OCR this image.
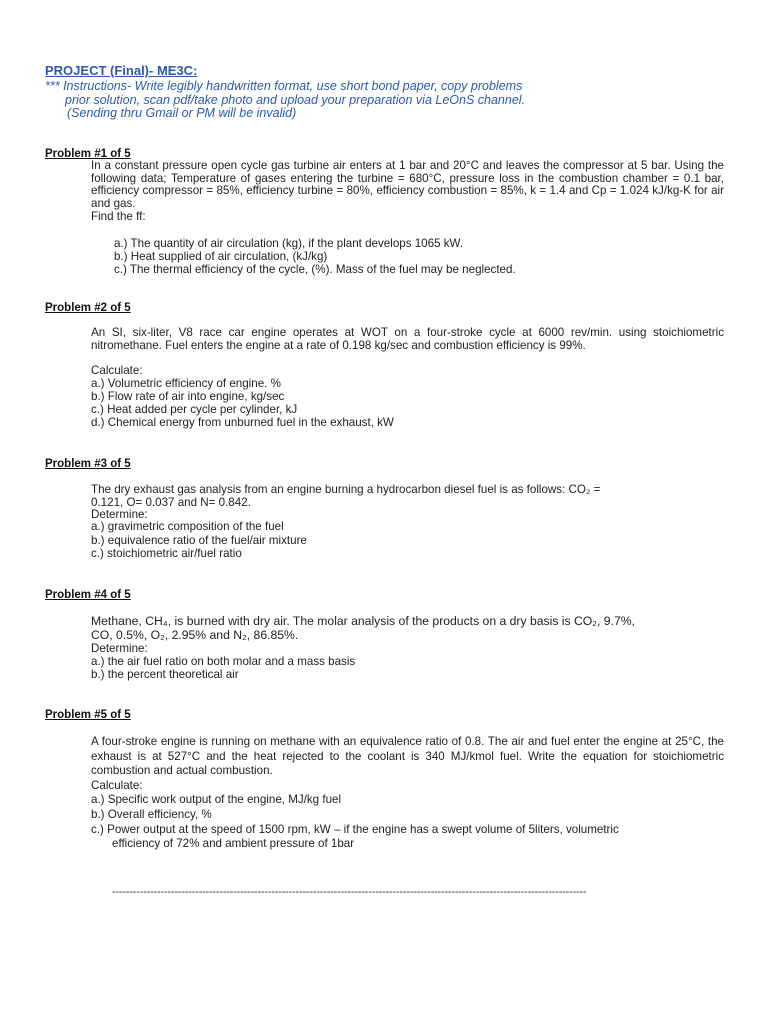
PROJECT (Final)- ME3C:
*** Instructions- Write legibly handwritten format, use short bond paper, copy problems
prior solution, scan pdf/take photo and upload your preparation via LeOnS channel.
(Sending thru Gmail or PM will be invalid)
Problem #1 of 5
In a constant pressure open cycle gas turbine air enters at 1 bar and 20°C and leaves the compressor at 5 bar. Using the following data; Temperature of gases entering the turbine = 680°C, pressure loss in the combustion chamber = 0.1 bar, efficiency compressor = 85%, efficiency turbine = 80%, efficiency combustion = 85%, k = 1.4 and Cp = 1.024 kJ/kg-K for air and gas.
Find the ff:
a.) The quantity of air circulation (kg), if the plant develops 1065 kW.
b.) Heat supplied of air circulation, (kJ/kg)
c.) The thermal efficiency of the cycle, (%). Mass of the fuel may be neglected.
Problem #2 of 5
An SI, six-liter, V8 race car engine operates at WOT on a four-stroke cycle at 6000 rev/min. using stoichiometric nitromethane. Fuel enters the engine at a rate of 0.198 kg/sec and combustion efficiency is 99%.
Calculate:
a.) Volumetric efficiency of engine. %
b.) Flow rate of air into engine, kg/sec
c.) Heat added per cycle per cylinder, kJ
d.) Chemical energy from unburned fuel in the exhaust, kW
Problem #3 of 5
The dry exhaust gas analysis from an engine burning a hydrocarbon diesel fuel is as follows: CO₂ =
0.121, O= 0.037 and N= 0.842.
Determine:
a.) gravimetric composition of the fuel
b.) equivalence ratio of the fuel/air mixture
c.) stoichiometric air/fuel ratio
Problem #4 of 5
Methane, CH₄, is burned with dry air. The molar analysis of the products on a dry basis is CO₂, 9.7%,
CO, 0.5%, O₂, 2.95% and N₂, 86.85%.
Determine:
a.) the air fuel ratio on both molar and a mass basis
b.) the percent theoretical air
Problem #5 of 5
A four-stroke engine is running on methane with an equivalence ratio of 0.8. The air and fuel enter the engine at 25°C, the exhaust is at 527°C and the heat rejected to the coolant is 340 MJ/kmol fuel. Write the equation for stoichiometric combustion and actual combustion.
Calculate:
a.) Specific work output of the engine, MJ/kg fuel
b.) Overall efficiency, %
c.) Power output at the speed of 1500 rpm, kW – if the engine has a swept volume of 5liters, volumetric
efficiency of 72% and ambient pressure of 1bar
-----------------------------------------------------------------------------------------------------------------------------------------
